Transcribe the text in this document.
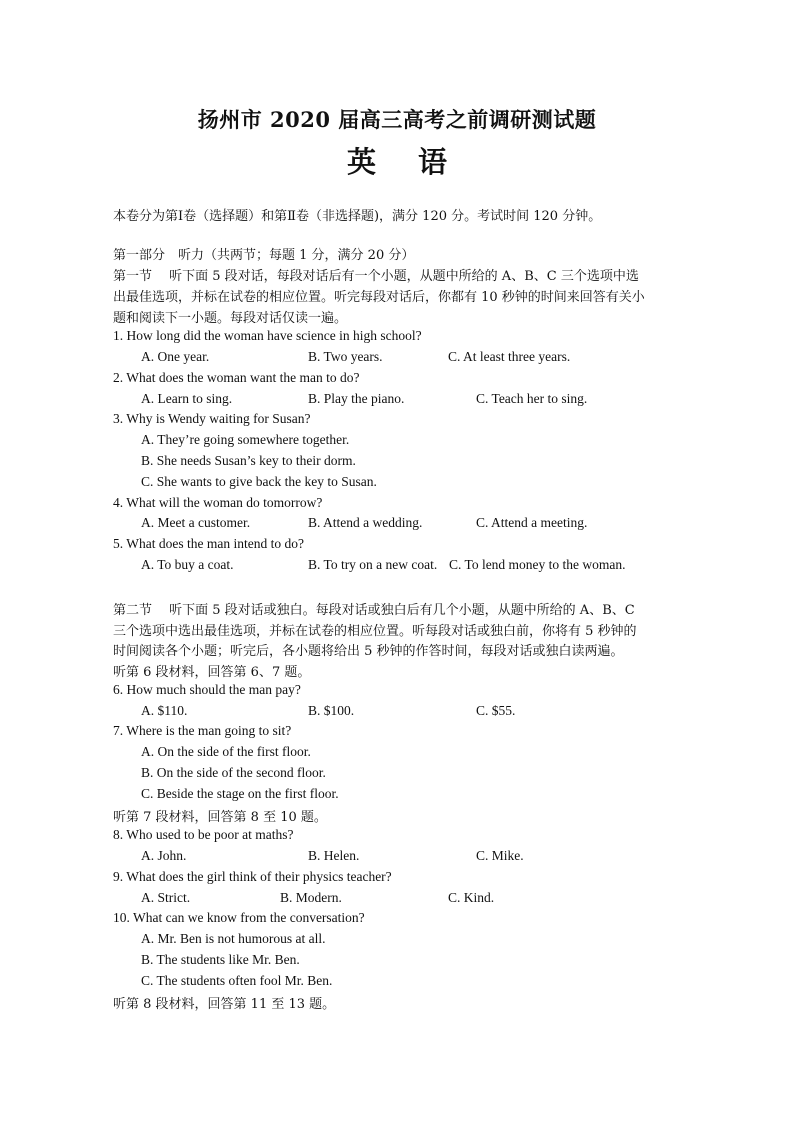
扬州市 2020 届高三高考之前调研测试题
英 语
本卷分为第Ⅰ卷（选择题）和第Ⅱ卷（非选择题)，满分 120 分。考试时间 120 分钟。
第一部分　听力（共两节；每题 1 分，满分 20 分）
第一节　 听下面 5 段对话，每段对话后有一个小题，从题中所给的 A、B、C 三个选项中选
出最佳选项，并标在试卷的相应位置。听完每段对话后，你都有 10 秒钟的时间来回答有关小
题和阅读下一小题。每段对话仅读一遍。
1. How long did the woman have science in high school?
A. One year.	B. Two years.	C. At least three years.
2. What does the woman want the man to do?
A. Learn to sing.	B. Play the piano.	C. Teach her to sing.
3. Why is Wendy waiting for Susan?
A. They’re going somewhere together.
B. She needs Susan’s key to their dorm.
C. She wants to give back the key to Susan.
4. What will the woman do tomorrow?
A. Meet a customer.	B. Attend a wedding.	C. Attend a meeting.
5. What does the man intend to do?
A. To buy a coat.	B. To try on a new coat. C. To lend money to the woman.
第二节　 听下面 5 段对话或独白。每段对话或独白后有几个小题，从题中所给的 A、B、C
三个选项中选出最佳选项，并标在试卷的相应位置。听每段对话或独白前，你将有 5 秒钟的
时间阅读各个小题；听完后，各小题将给出 5 秒钟的作答时间，每段对话或独白读两遍。
听第 6 段材料，回答第 6、7 题。
6. How much should the man pay?
A. $110.	B. $100.	C. $55.
7. Where is the man going to sit?
A. On the side of the first floor.
B. On the side of the second floor.
C. Beside the stage on the first floor.
听第 7 段材料，回答第 8 至 10 题。
8. Who used to be poor at maths?
A. John.	B. Helen.	C. Mike.
9. What does the girl think of their physics teacher?
A. Strict.	B. Modern.	C. Kind.
10. What can we know from the conversation?
A. Mr. Ben is not humorous at all.
B. The students like Mr. Ben.
C. The students often fool Mr. Ben.
听第 8 段材料，回答第 11 至 13 题。
